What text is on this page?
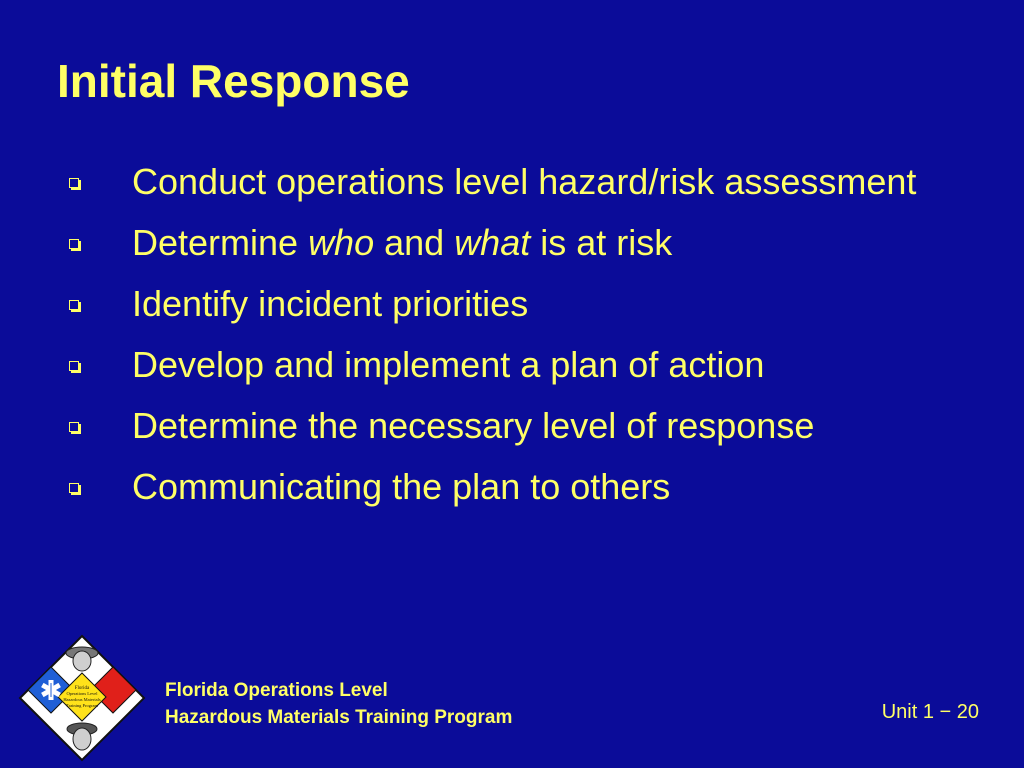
Initial Response
Conduct operations level hazard/risk assessment
Determine who and what is at risk
Identify incident priorities
Develop and implement a plan of action
Determine the necessary level of response
Communicating the plan to others
Florida
Operations Level
Hazardous Materials
Training Program
Florida Operations Level
Hazardous Materials Training Program	Unit 1 − 20
